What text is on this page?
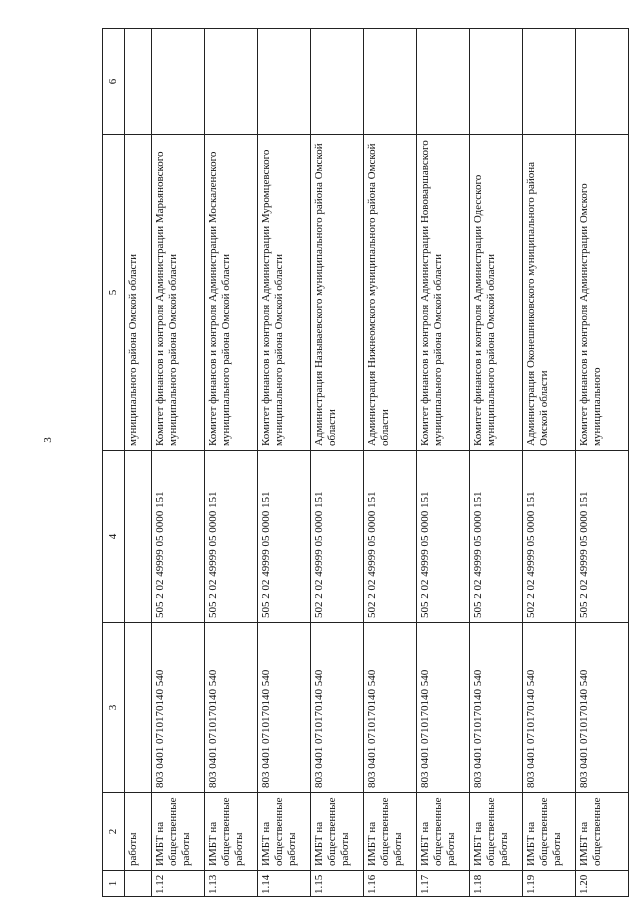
3
1	2	3	4	5	6
	работы			муниципального района Омской области	
1.12	ИМБТ на общественные работы	803 0401 0710170140 540	505 2 02 49999 05 0000 151	Комитет финансов и контроля Администрации Марьяновского муниципального района Омской области	
1.13	ИМБТ на общественные работы	803 0401 0710170140 540	505 2 02 49999 05 0000 151	Комитет финансов и контроля Администрации Москаленского муниципального района Омской области	
1.14	ИМБТ на общественные работы	803 0401 0710170140 540	505 2 02 49999 05 0000 151	Комитет финансов и контроля Администрации Муромцевского муниципального района Омской области	
1.15	ИМБТ на общественные работы	803 0401 0710170140 540	502 2 02 49999 05 0000 151	Администрация Называевского муниципального района Омской области	
1.16	ИМБТ на общественные работы	803 0401 0710170140 540	502 2 02 49999 05 0000 151	Администрация Нижнеомского муниципального района Омской области	
1.17	ИМБТ на общественные работы	803 0401 0710170140 540	505 2 02 49999 05 0000 151	Комитет финансов и контроля Администрации Нововаршавского муниципального района Омской области	
1.18	ИМБТ на общественные работы	803 0401 0710170140 540	505 2 02 49999 05 0000 151	Комитет финансов и контроля Администрации Одесского муниципального района Омской области	
1.19	ИМБТ на общественные работы	803 0401 0710170140 540	502 2 02 49999 05 0000 151	Администрация Оконешниковского муниципального района Омской области	
1.20	ИМБТ на общественные	803 0401 0710170140 540	505 2 02 49999 05 0000 151	Комитет финансов и контроля Администрации Омского муниципального	
